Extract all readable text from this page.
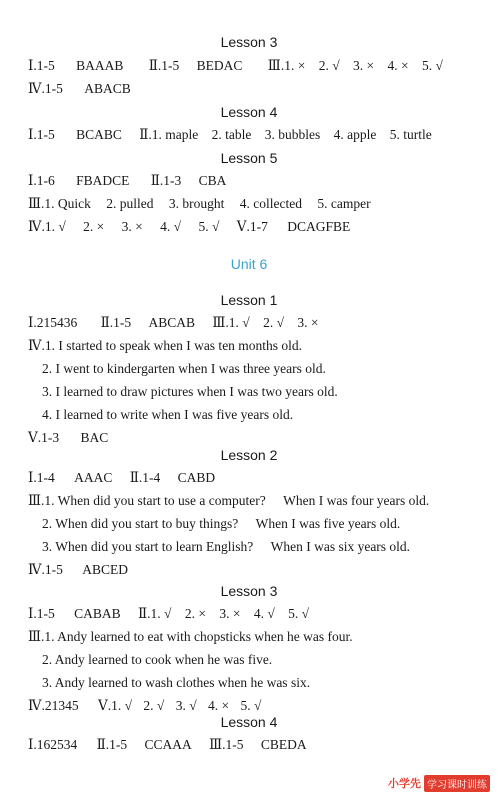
Lesson 3
Ⅰ.1-5 BAAAB Ⅱ.1-5 BEDAC Ⅲ.1. × 2. √ 3. × 4. × 5. √
Ⅳ.1-5 ABACB
Lesson 4
Ⅰ.1-5 BCABC Ⅱ.1. maple 2. table 3. bubbles 4. apple 5. turtle
Lesson 5
Ⅰ.1-6 FBADCE Ⅱ.1-3 CBA
Ⅲ.1. Quick 2. pulled 3. brought 4. collected 5. camper
Ⅳ.1. √ 2. × 3. × 4. √ 5. √ Ⅴ.1-7 DCAGFBE
Unit 6
Lesson 1
Ⅰ.215436 Ⅱ.1-5 ABCAB Ⅲ.1. √ 2. √ 3. ×
Ⅳ.1. I started to speak when I was ten months old.
2. I went to kindergarten when I was three years old.
3. I learned to draw pictures when I was two years old.
4. I learned to write when I was five years old.
Ⅴ.1-3 BAC
Lesson 2
Ⅰ.1-4 AAAC Ⅱ.1-4 CABD
Ⅲ.1. When did you start to use a computer? When I was four years old.
2. When did you start to buy things? When I was five years old.
3. When did you start to learn English? When I was six years old.
Ⅳ.1-5 ABCED
Lesson 3
Ⅰ.1-5 CABAB Ⅱ.1. √ 2. × 3. × 4. √ 5. √
Ⅲ.1. Andy learned to eat with chopsticks when he was four.
2. Andy learned to cook when he was five.
3. Andy learned to wash clothes when he was six.
Ⅳ.21345 Ⅴ.1. √ 2. √ 3. √ 4. × 5. √
Lesson 4
Ⅰ.162534 Ⅱ.1-5 CCAAA Ⅲ.1-5 CBEDA
小学先 学习课时训练
